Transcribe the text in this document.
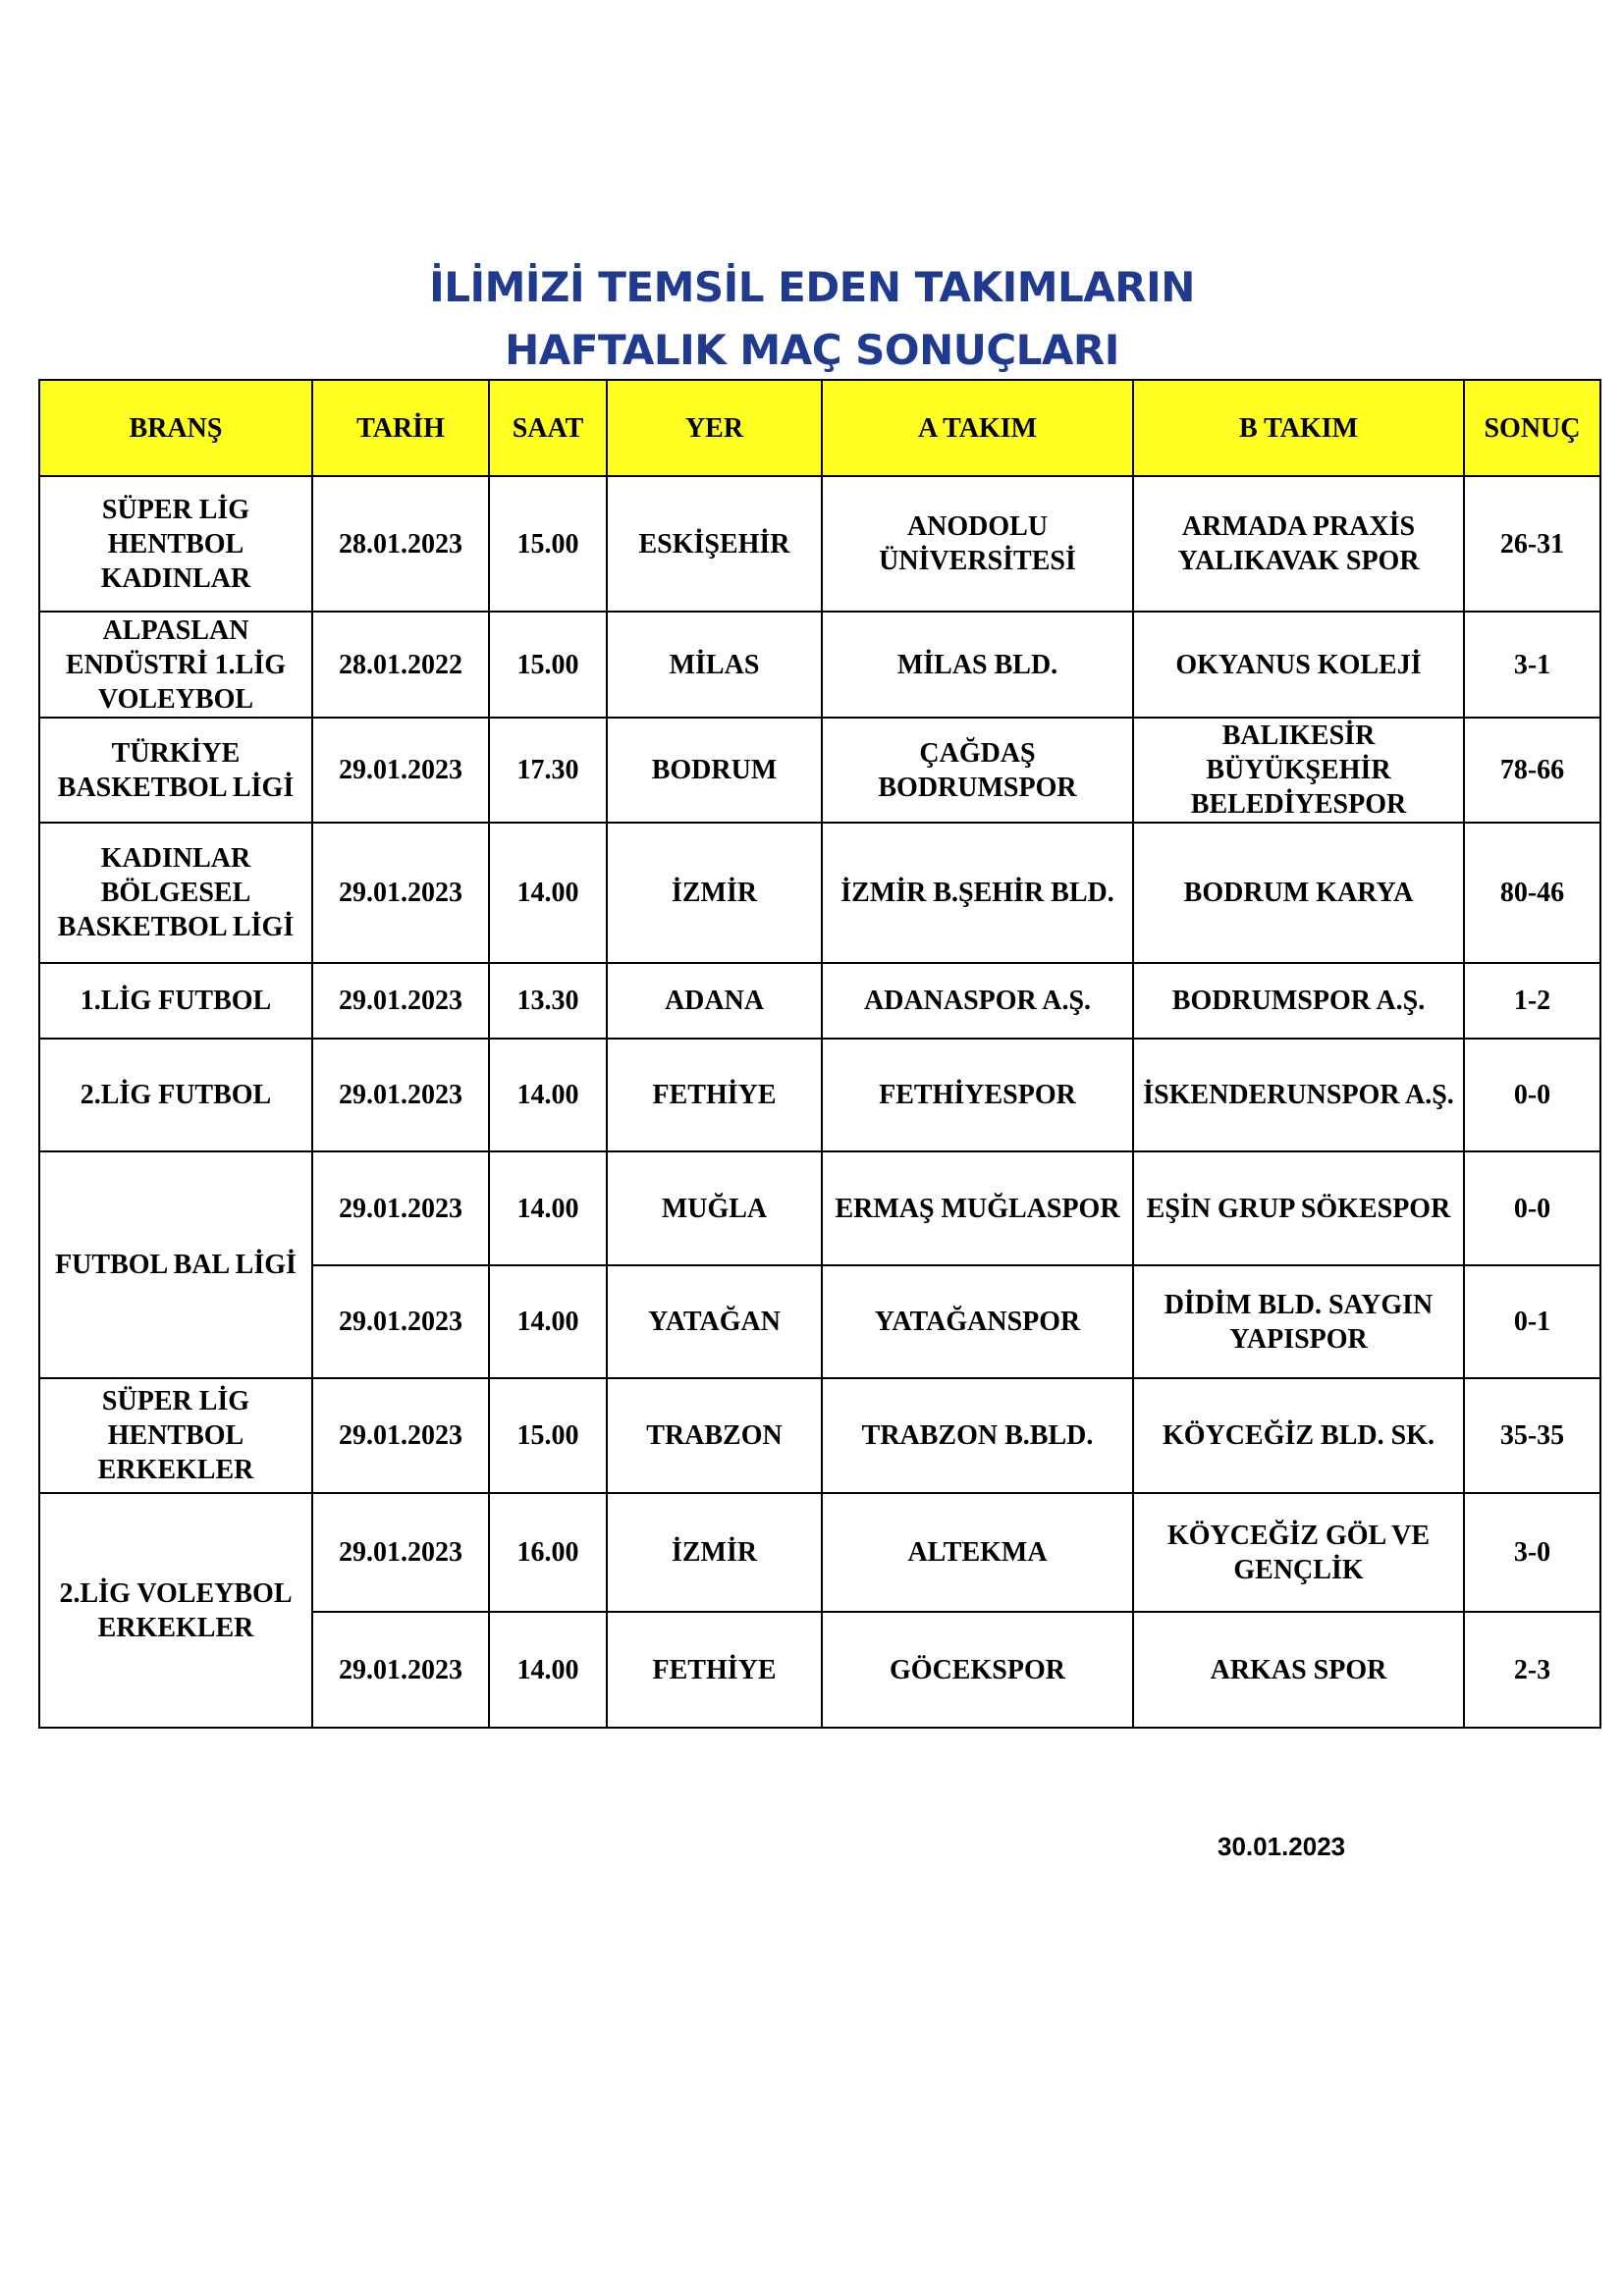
İLİMİZİ TEMSİL EDEN TAKIMLARIN
HAFTALIK MAÇ SONUÇLARI
BRANŞ	TARİH	SAAT	YER	A TAKIM	B TAKIM	SONUÇ
SÜPER LİG HENTBOL KADINLAR	28.01.2023	15.00	ESKİŞEHİR	ANODOLU ÜNİVERSİTESİ	ARMADA PRAXİS YALIKAVAK SPOR	26-31
ALPASLAN ENDÜSTRİ 1.LİG VOLEYBOL	28.01.2022	15.00	MİLAS	MİLAS BLD.	OKYANUS KOLEJİ	3-1
TÜRKİYE BASKETBOL LİGİ	29.01.2023	17.30	BODRUM	ÇAĞDAŞ BODRUMSPOR	BALIKESİR BÜYÜKŞEHİR BELEDİYESPOR	78-66
KADINLAR BÖLGESEL BASKETBOL LİGİ	29.01.2023	14.00	İZMİR	İZMİR B.ŞEHİR BLD.	BODRUM KARYA	80-46
1.LİG FUTBOL	29.01.2023	13.30	ADANA	ADANASPOR A.Ş.	BODRUMSPOR A.Ş.	1-2
2.LİG FUTBOL	29.01.2023	14.00	FETHİYE	FETHİYESPOR	İSKENDERUNSPOR A.Ş.	0-0
FUTBOL BAL LİGİ	29.01.2023	14.00	MUĞLA	ERMAŞ MUĞLASPOR	EŞİN GRUP SÖKESPOR	0-0
	29.01.2023	14.00	YATAĞAN	YATAĞANSPOR	DİDİM BLD. SAYGIN YAPISPOR	0-1
SÜPER LİG HENTBOL ERKEKLER	29.01.2023	15.00	TRABZON	TRABZON B.BLD.	KÖYCEĞİZ BLD. SK.	35-35
2.LİG VOLEYBOL ERKEKLER	29.01.2023	16.00	İZMİR	ALTEKMA	KÖYCEĞİZ GÖL VE GENÇLİK	3-0
	29.01.2023	14.00	FETHİYE	GÖCEKSPOR	ARKAS SPOR	2-3
30.01.2023
